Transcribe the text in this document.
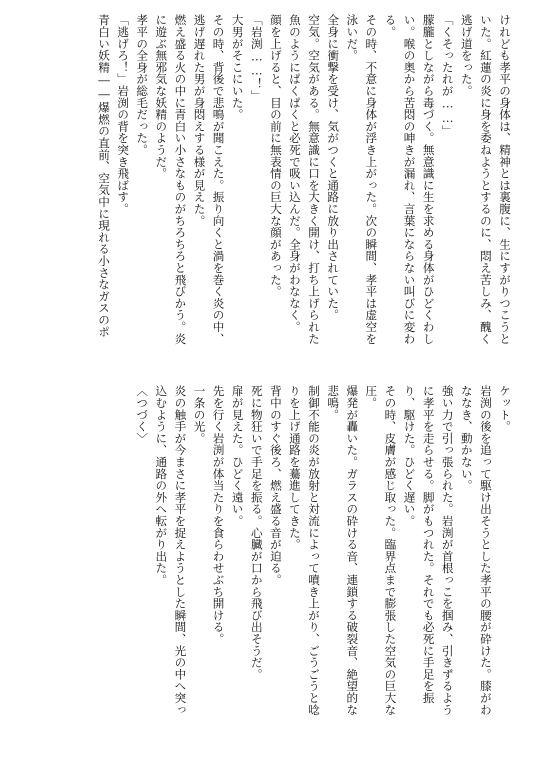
けれども孝平の身体は、精神とは裏腹に、生にすがりつこうといた。紅蓮の炎に身を委ねようとするのに、悶え苦しみ、醜く逃げ道をった。

「くそったれが……」

朦朧としながら毒づく。無意識に生を求める身体がひどくわしい。喉の奥から苦悶の呻きが漏れ、言葉にならない叫びに変わる。

その時、不意に身体が浮き上がった。次の瞬間、孝平は虚空を泳いだ。

全身に衝撃を受け、気がつくと通路に放り出されていた。

空気。空気がある。無意識に口を大きく開け、打ち上げられた魚のようにぱくぱくと必死で吸い込んだ。全身がわななく。

顔を上げると、目の前に無表情の巨大な顔があった。

「岩渕……！」

大男がそこにいた。

その時、背後で悲鳴が聞こえた。振り向くと渦を巻く炎の中、逃げ遅れた男が身悶えする様が見えた。

燃え盛る火の中に青白い小さなものがちろちろと飛びかう。炎に遊ぶ無邪気な妖精のようだ。

孝平の全身が総毛だった。

「逃げろ！」岩渕の背を突き飛ばす。

青白い妖精――爆燃の直前、空気中に現れる小さなガスのポ

ケット。

岩渕の後を追って駆け出そうとした孝平の腰が砕けた。膝がわななき、動かない。

強い力で引っ張られた。岩渕が首根っこを掴み、引きずるように孝平を走らせる。脚がもつれた。それでも必死に手足を振り、駆けた。ひどく遅い。

その時、皮膚が感じ取った。臨界点まで膨張した空気の巨大な圧。

爆発が轟いた。ガラスの砕ける音、連鎖する破裂音、絶望的な悲鳴。

制御不能の炎が放射と対流によって噴き上がり、ごうごうと唸りを上げ通路を驀進してきた。

背中のすぐ後ろ、燃え盛る音が迫る。

死に物狂いで手足を振る。心臓が口から飛び出そうだ。

扉が見えた。ひどく遠い。

先を行く岩渕が体当たりを食らわせぶち開ける。

一条の光。

炎の触手が今まさに孝平を捉えようとした瞬間、光の中へ突っ込むように、通路の外へ転がり出た。

〈つづく〉
